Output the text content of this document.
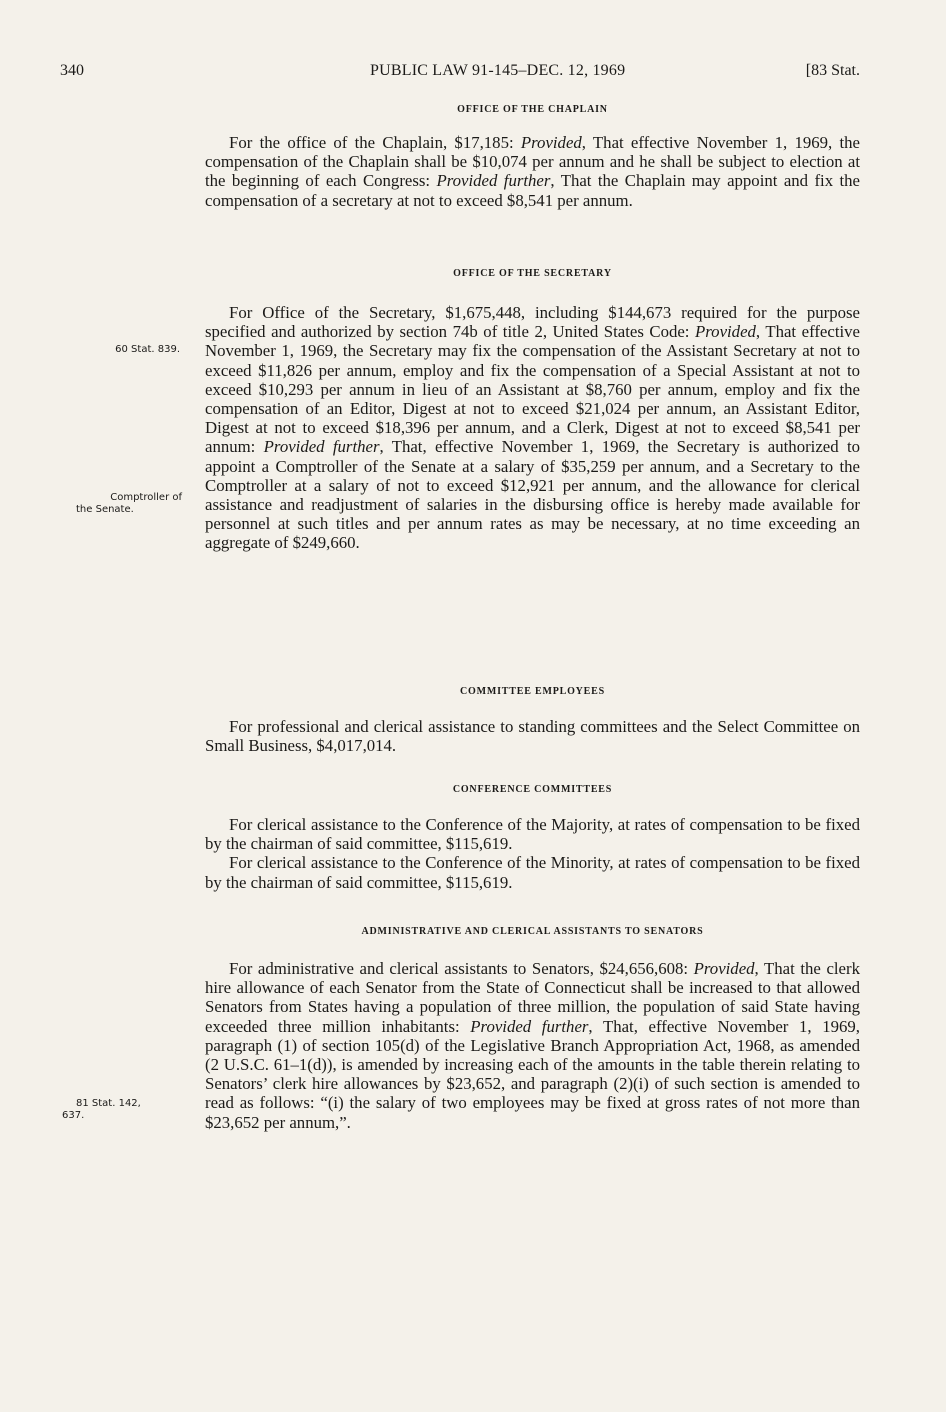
340	PUBLIC LAW 91-145–DEC. 12, 1969	[83 Stat.

OFFICE OF THE CHAPLAIN

For the office of the Chaplain, $17,185: Provided, That effective November 1, 1969, the compensation of the Chaplain shall be $10,074 per annum and he shall be subject to election at the beginning of each Congress: Provided further, That the Chaplain may appoint and fix the compensation of a secretary at not to exceed $8,541 per annum.

OFFICE OF THE SECRETARY

For Office of the Secretary, $1,675,448, including $144,673 required for the purpose specified and authorized by section 74b of title 2, United States Code: Provided, That effective November 1, 1969, the Secretary may fix the compensation of the Assistant Secretary at not to exceed $11,826 per annum, employ and fix the compensation of a Special Assistant at not to exceed $10,293 per annum in lieu of an Assistant at $8,760 per annum, employ and fix the compensation of an Editor, Digest at not to exceed $21,024 per annum, an Assistant Editor, Digest at not to exceed $18,396 per annum, and a Clerk, Digest at not to exceed $8,541 per annum: Provided further, That, effective November 1, 1969, the Secretary is authorized to appoint a Comptroller of the Senate at a salary of $35,259 per annum, and a Secretary to the Comptroller at a salary of not to exceed $12,921 per annum, and the allowance for clerical assistance and readjustment of salaries in the disbursing office is hereby made available for personnel at such titles and per annum rates as may be necessary, at no time exceeding an aggregate of $249,660.

COMMITTEE EMPLOYEES

For professional and clerical assistance to standing committees and the Select Committee on Small Business, $4,017,014.

CONFERENCE COMMITTEES

For clerical assistance to the Conference of the Majority, at rates of compensation to be fixed by the chairman of said committee, $115,619.

For clerical assistance to the Conference of the Minority, at rates of compensation to be fixed by the chairman of said committee, $115,619.

ADMINISTRATIVE AND CLERICAL ASSISTANTS TO SENATORS

For administrative and clerical assistants to Senators, $24,656,608: Provided, That the clerk hire allowance of each Senator from the State of Connecticut shall be increased to that allowed Senators from States having a population of three million, the population of said State having exceeded three million inhabitants: Provided further, That, effective November 1, 1969, paragraph (1) of section 105(d) of the Legislative Branch Appropriation Act, 1968, as amended (2 U.S.C. 61–1(d)), is amended by increasing each of the amounts in the table therein relating to Senators’ clerk hire allowances by $23,652, and paragraph (2)(i) of such section is amended to read as follows: “(i) the salary of two employees may be fixed at gross rates of not more than $23,652 per annum,”.

60 Stat. 839.
Comptroller of
the Senate.
81 Stat. 142,
637.
